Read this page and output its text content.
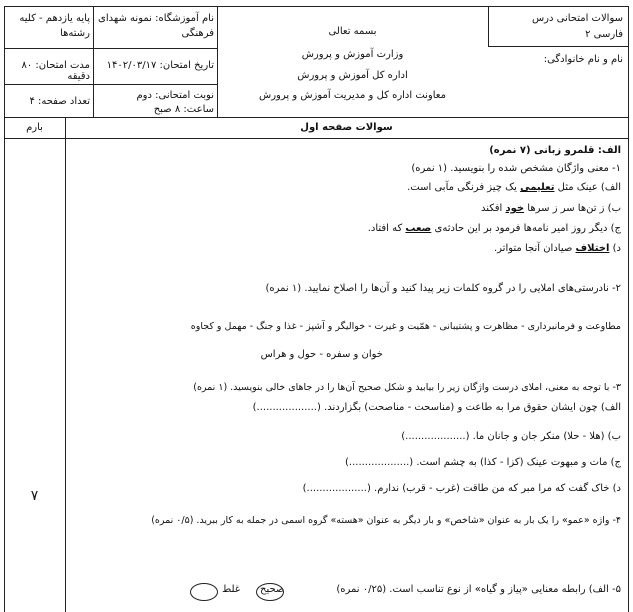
سوالات امتحانی درس
فارسی ۲
نام و نام خانوادگی:
بسمه تعالی
وزارت آموزش و پرورش
اداره کل آموزش و پرورش
معاونت اداره کل و مدیریت آموزش و پرورش
نام آموزشگاه: نمونه شهدای فرهنگی
تاریخ امتحان: ۱۴۰۲/۰۳/۱۷
نوبت امتحانی: دوم
ساعت: ۸ صبح
پایه یازدهم - کلیه رشته‌ها
مدت امتحان: ۸۰ دقیقه
تعداد صفحه: ۴
بارم	سوالات صفحه اول
۷
الف: قلمرو زبانی (۷ نمره)
۱- معنی واژگان مشخص شده را بنویسید. (۱ نمره)
الف) عینک مثل تعلیمی یک چیز فرنگی مآبی است.
ب) ز تن‌ها سر ز سرها خود افکند
ج) دیگر روز امیر نامه‌ها فرمود بر این حادثه‌ی صعب که افتاد.
د) اختلاف صیادان آنجا متواتر.
۲- نادرستی‌های املایی را در گروه کلمات زیر پیدا کنید و آن‌ها را اصلاح نمایید. (۱ نمره)
مطاوعت و فرمانبرداری - مظاهرت و پشتیبانی - همّیت و غیرت - خوالیگر و آشپز - غذا و جنگ - مهمل و کجاوه
خوان و سفره - حول و هراس
۳- با توجه به معنی، املای درست واژگان زیر را بیابید و شکل صحیح آن‌ها را در جاهای خالی بنویسید. (۱ نمره)
الف) چون ایشان حقوق مرا به طاعت و (مناسحت - مناصحت) بگزاردند. (...................)
ب) (هلا - حلا) منکر جان و جانان ما. (...................)
ج) مات و مبهوت عینک (کزا - کذا) به چشم است. (...................)
د) خاک گفت که مرا مبر که من طاقت (غرب - قرب) ندارم. (...................)
۴- واژه «عمو» را یک بار به عنوان «شاخص» و بار دیگر به عنوان «هسته» گروه اسمی در جمله به کار ببرید. (۰/۵ نمره)
۵- الف) رابطه معنایی «پیاز و گیاه» از نوع تناسب است. (۰/۲۵ نمره)
صحیح
غلط
